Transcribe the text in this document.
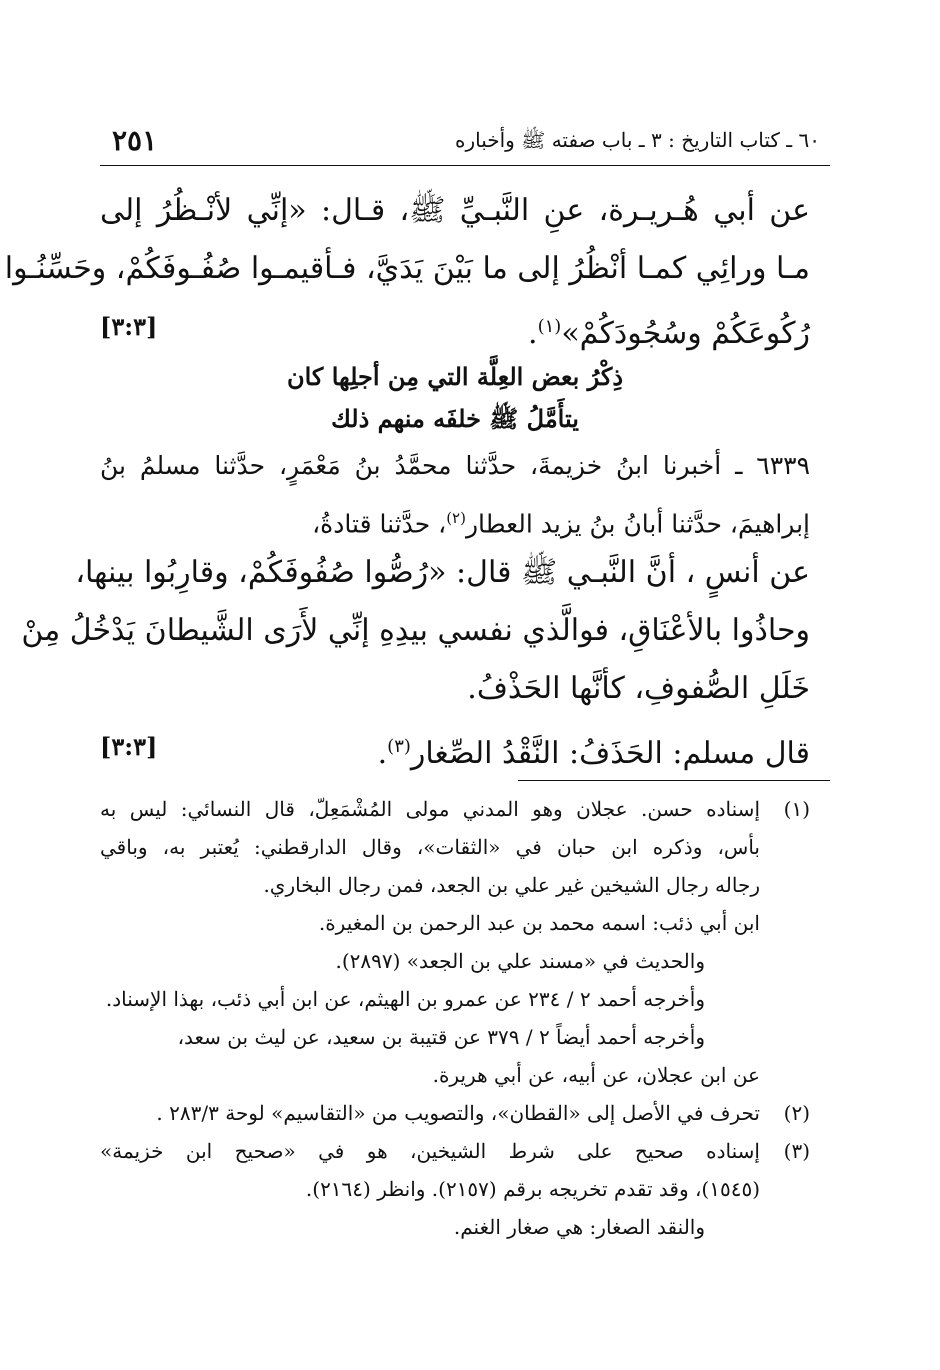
٢٥١	٦٠ ـ كتاب التاريخ : ٣ ـ باب صفته ﷺ وأخباره
عن أبي هُـريـرة، عنِ النَّبـيِّ ﷺ، قـال: «إنِّي لأنْـظُرُ إلى
مـا ورائِي كمـا أنْظُرُ إلى ما بَيْنَ يَدَيَّ، فـأقيمـوا صُفُـوفَكُمْ، وحَسِّنُـوا
رُكُوعَكُمْ وسُجُودَكُمْ»$^{(١)}$.
[٣:٣]
ذِكْرُ بعض العِلَّة التي مِن أجلِها كان
يتأَمَّلُ ﷺ خلفَه منهم ذلك
٦٣٣٩ ـ أخبرنا ابنُ خزيمةَ، حدَّثنا محمَّدُ بنُ مَعْمَرٍ، حدَّثنا مسلمُ بنُ
إبراهيمَ، حدَّثنا أبانُ بنُ يزيد العطار$^{(٢)}$، حدَّثنا قتادةُ،
عن أنسٍ ، أنَّ النَّبـي ﷺ قال: «رُصُّوا صُفُوفَكُمْ، وقارِبُوا بينها،
وحاذُوا بالأعْنَاقِ، فوالَّذي نفسي بيدِهِ إنِّي لأَرَى الشَّيطانَ يَدْخُلُ مِنْ
خَلَلِ الصُّفوفِ، كأنَّها الحَذْفُ.
قال مسلم: الحَذَفُ: النَّقْدُ الصِّغار$^{(٣)}$.
[٣:٣]
(١)
إسناده حسن. عجلان وهو المدني مولى المُشْمَعِلّ، قال النسائي: ليس به
بأس، وذكره ابن حبان في «الثقات»، وقال الدارقطني: يُعتبر به، وباقي
رجاله رجال الشيخين غير علي بن الجعد، فمن رجال البخاري.
ابن أبي ذئب: اسمه محمد بن عبد الرحمن بن المغيرة.
والحديث في «مسند علي بن الجعد» (٢٨٩٧).
وأخرجه أحمد ٢ / ٢٣٤ عن عمرو بن الهيثم، عن ابن أبي ذئب، بهذا الإسناد.
وأخرجه أحمد أيضاً ٢ / ٣٧٩ عن قتيبة بن سعيد، عن ليث بن سعد،
عن ابن عجلان، عن أبيه، عن أبي هريرة.
(٢)
تحرف في الأصل إلى «القطان»، والتصويب من «التقاسيم» لوحة ٢٨٣/٣ .
(٣)
إسناده صحيح على شرط الشيخين، هو في «صحيح ابن خزيمة»
(١٥٤٥)، وقد تقدم تخريجه برقم (٢١٥٧). وانظر (٢١٦٤).
والنقد الصغار: هي صغار الغنم.
